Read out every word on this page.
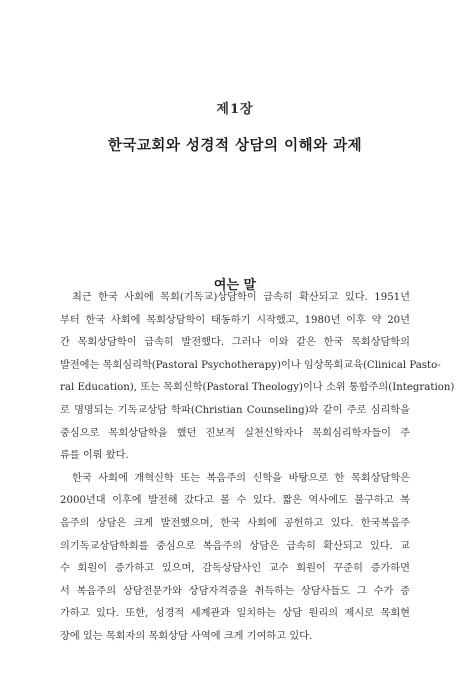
제1장
한국교회와 성경적 상담의 이해와 과제
여는 말
최근 한국 사회에 목회(기독교)상담학이 급속히 확산되고 있다. 1951년
부터 한국 사회에 목회상담학이 태동하기 시작했고, 1980년 이후 약 20년
간 목회상담학이 급속히 발전했다. 그러나 이와 같은 한국 목회상담학의
발전에는 목회심리학(Pastoral Psychotherapy)이나 임상목회교육(Clinical Pasto-
ral Education), 또는 목회신학(Pastoral Theology)이나 소위 통합주의(Integration)
로 명명되는 기독교상담 학파(Christian Counseling)와 같이 주로 심리학을
중심으로 목회상담학을 했던 진보적 실천신학자나 목회심리학자들이 주
류를 이뤄 왔다.
한국 사회에 개혁신학 또는 복음주의 신학을 바탕으로 한 목회상담학은
2000년대 이후에 발전해 갔다고 볼 수 있다. 짧은 역사에도 불구하고 복
음주의 상담은 크게 발전했으며, 한국 사회에 공헌하고 있다. 한국복음주
의기독교상담학회를 중심으로 복음주의 상담은 급속히 확산되고 있다. 교
수 회원이 증가하고 있으며, 감독상담사인 교수 회원이 꾸준히 증가하면
서 복음주의 상담전문가와 상담자격증을 취득하는 상담사들도 그 수가 증
가하고 있다. 또한, 성경적 세계관과 일치하는 상담 원리의 제시로 목회현
장에 있는 목회자의 목회상담 사역에 크게 기여하고 있다.
